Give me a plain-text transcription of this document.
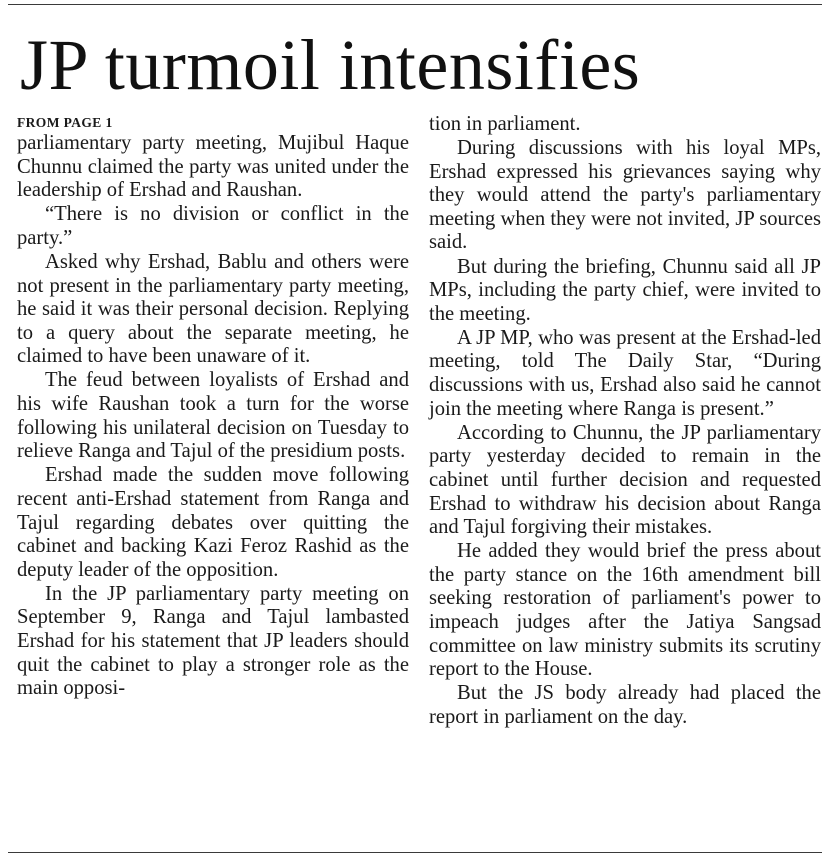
JP turmoil intensifies
FROM PAGE 1

parliamentary party meeting, Mujibul Haque Chunnu claimed the party was united under the leadership of Ershad and Raushan.

“There is no division or conflict in the party.”

Asked why Ershad, Bablu and others were not present in the parliamentary party meeting, he said it was their personal decision. Replying to a query about the separate meeting, he claimed to have been unaware of it.

The feud between loyalists of Ershad and his wife Raushan took a turn for the worse following his unilateral decision on Tuesday to relieve Ranga and Tajul of the presidium posts.

Ershad made the sudden move following recent anti-Ershad statement from Ranga and Tajul regarding debates over quitting the cabinet and backing Kazi Feroz Rashid as the deputy leader of the opposition.

In the JP parliamentary party meeting on September 9, Ranga and Tajul lambasted Ershad for his statement that JP leaders should quit the cabinet to play a stronger role as the main opposi-

tion in parliament.

During discussions with his loyal MPs, Ershad expressed his grievances saying why they would attend the party's parliamentary meeting when they were not invited, JP sources said.

But during the briefing, Chunnu said all JP MPs, including the party chief, were invited to the meeting.

A JP MP, who was present at the Ershad-led meeting, told The Daily Star, “During discussions with us, Ershad also said he cannot join the meeting where Ranga is present.”

According to Chunnu, the JP parliamentary party yesterday decided to remain in the cabinet until further decision and requested Ershad to withdraw his decision about Ranga and Tajul forgiving their mistakes.

He added they would brief the press about the party stance on the 16th amendment bill seeking restoration of parliament's power to impeach judges after the Jatiya Sangsad committee on law ministry submits its scrutiny report to the House.

But the JS body already had placed the report in parliament on the day.
